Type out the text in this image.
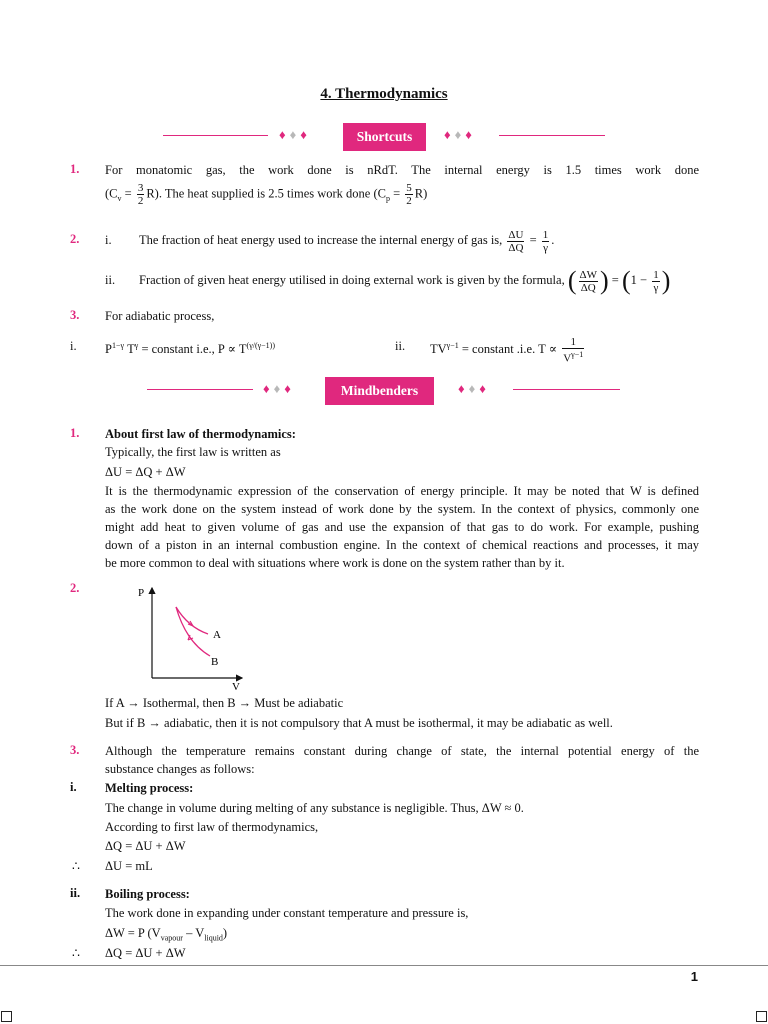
4. Thermodynamics
♦♦♦	Shortcuts	♦♦♦
1. For monatomic gas, the work done is nRdT. The internal energy is 1.5 times work done
$(C_v = \frac{3}{2} R)$. The heat supplied is 2.5 times work done $(C_p = \frac{5}{2} R)$
2. i. The fraction of heat energy used to increase the internal energy of gas is, $\frac{\Delta U}{\Delta Q} = \frac{1}{\gamma}$ .
ii. Fraction of given heat energy utilised in doing external work is given by the formula, ( $\frac{\Delta W}{\Delta Q}$ ) = ($1 - \frac{1}{\gamma}$ )
3. For adiabatic process,
i. $P^{1-\gamma}$ $T^\gamma$ = constant i.e., $P \propto T^{(\gamma/(\gamma-1))}$	ii. $TV^{\gamma-1}$ = constant .i.e. $T \propto \frac{1}{V^{\gamma-1}}$
♦♦♦	Mindbenders	♦♦♦
1. About first law of thermodynamics:
Typically, the first law is written as
ΔU = ΔQ + ΔW
It is the thermodynamic expression of the conservation of energy principle. It may be noted that W is defined
as the work done on the system instead of work done by the system. In the context of physics, commonly one
might add heat to given volume of gas and use the expansion of that gas to do work. For example, pushing
down of a piston in an internal combustion engine. In the context of chemical reactions and processes, it may
be more common to deal with situations where work is done on the system rather than by it.
2.	P
V
A
B
If A → Isothermal, then B → Must be adiabatic
But if B → adiabatic, then it is not compulsory that A must be isothermal, it may be adiabatic as well.
3. Although the temperature remains constant during change of state, the internal potential energy of the
substance changes as follows:
i. Melting process:
The change in volume during melting of any substance is negligible. Thus, ΔW ≈ 0.
According to first law of thermodynamics,
ΔQ = ΔU + ΔW
∴ ΔU = mL
ii. Boiling process:
The work done in expanding under constant temperature and pressure is,
ΔW = P $(V_{vapour} - V_{liquid})$
∴ ΔQ = ΔU + ΔW
1
